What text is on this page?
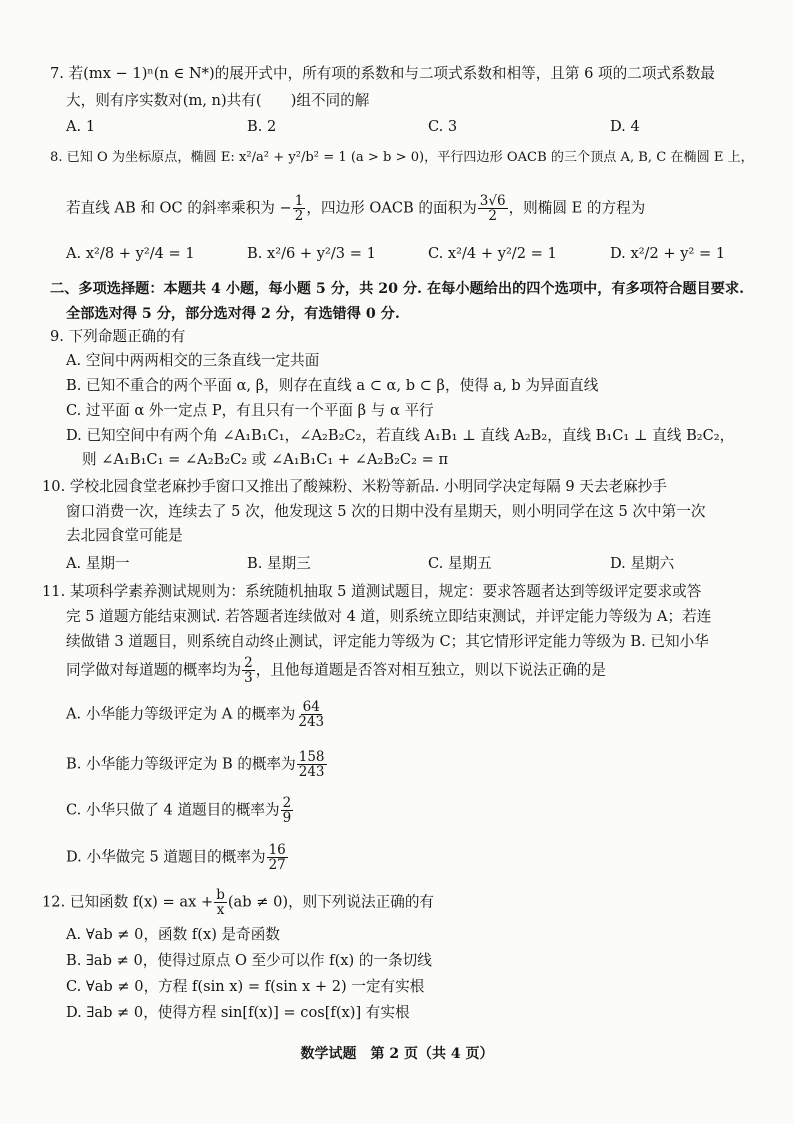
7. 若(mx − 1)ⁿ(n ∈ N*)的展开式中，所有项的系数和与二项式系数和相等，且第 6 项的二项式系数最
大，则有序实数对(m, n)共有(　　)组不同的解
A. 1	B. 2	C. 3	D. 4
8. 已知 O 为坐标原点，椭圆 E: x²/a² + y²/b² = 1 (a > b > 0)，平行四边形 OACB 的三个顶点 A, B, C 在椭圆 E 上，
若直线 AB 和 OC 的斜率乘积为 − $\frac{1}{2}$ ，四边形 OACB 的面积为 $\frac{3√6}{2}$ ，则椭圆 E 的方程为
A. x²/8 + y²/4 = 1	B. x²/6 + y²/3 = 1	C. x²/4 + y²/2 = 1	D. x²/2 + y² = 1
二、多项选择题：本题共 4 小题，每小题 5 分，共 20 分. 在每小题给出的四个选项中，有多项符合题目要求.
全部选对得 5 分，部分选对得 2 分，有选错得 0 分.
9. 下列命题正确的有
A. 空间中两两相交的三条直线一定共面
B. 已知不重合的两个平面 α, β，则存在直线 a ⊂ α, b ⊂ β，使得 a, b 为异面直线
C. 过平面 α 外一定点 P，有且只有一个平面 β 与 α 平行
D. 已知空间中有两个角 ∠A₁B₁C₁，∠A₂B₂C₂，若直线 A₁B₁ ⊥ 直线 A₂B₂，直线 B₁C₁ ⊥ 直线 B₂C₂，
则 ∠A₁B₁C₁ = ∠A₂B₂C₂ 或 ∠A₁B₁C₁ + ∠A₂B₂C₂ = π
10. 学校北园食堂老麻抄手窗口又推出了酸辣粉、米粉等新品. 小明同学决定每隔 9 天去老麻抄手
窗口消费一次，连续去了 5 次，他发现这 5 次的日期中没有星期天，则小明同学在这 5 次中第一次
去北园食堂可能是
A. 星期一	B. 星期三	C. 星期五	D. 星期六
11. 某项科学素养测试规则为：系统随机抽取 5 道测试题目，规定：要求答题者达到等级评定要求或答
完 5 道题方能结束测试. 若答题者连续做对 4 道，则系统立即结束测试，并评定能力等级为 A；若连
续做错 3 道题目，则系统自动终止测试，评定能力等级为 C；其它情形评定能力等级为 B. 已知小华
同学做对每道题的概率均为 $\frac{2}{3}$ ，且他每道题是否答对相互独立，则以下说法正确的是
A. 小华能力等级评定为 A 的概率为 $\frac{64}{243}$
B. 小华能力等级评定为 B 的概率为 $\frac{158}{243}$
C. 小华只做了 4 道题目的概率为 $\frac{2}{9}$
D. 小华做完 5 道题目的概率为 $\frac{16}{27}$
12. 已知函数 f(x) = ax + $\frac{b}{x} (ab \ne 0)$，则下列说法正确的有
A. ∀ab ≠ 0，函数 f(x) 是奇函数
B. ∃ab ≠ 0，使得过原点 O 至少可以作 f(x) 的一条切线
C. ∀ab ≠ 0，方程 f(sin x) = f(sin x + 2) 一定有实根
D. ∃ab ≠ 0，使得方程 sin[f(x)] = cos[f(x)] 有实根
数学试题　第 2 页（共 4 页）
